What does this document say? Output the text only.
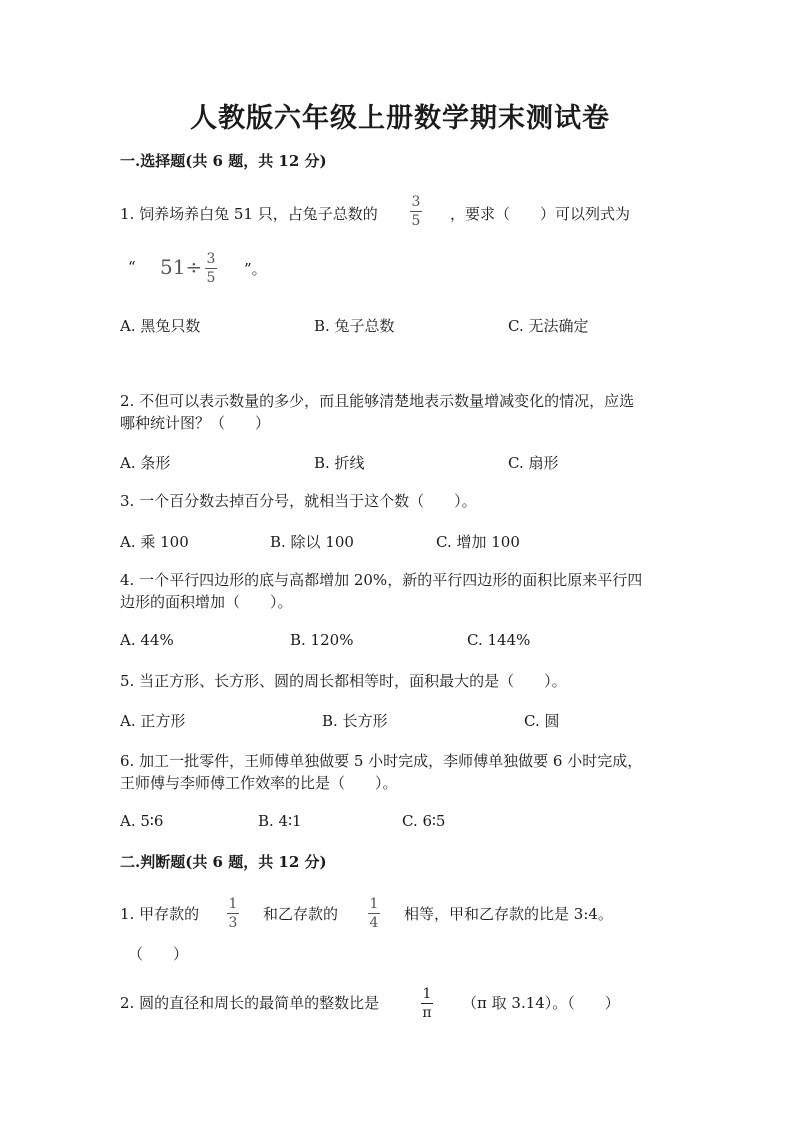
人教版六年级上册数学期末测试卷
一.选择题(共 6 题，共 12 分)
1. 饲养场养白兔 51 只，占兔子总数的
3
5 ，要求（　　）可以列式为
“ 51÷ 3
5 ”。
A. 黑兔只数	B. 兔子总数	C. 无法确定
2. 不但可以表示数量的多少，而且能够清楚地表示数量增减变化的情况，应选
哪种统计图？（　　）
A. 条形	B. 折线	C. 扇形
3. 一个百分数去掉百分号，就相当于这个数（　　）。
A. 乘 100	B. 除以 100	C. 增加 100
4. 一个平行四边形的底与高都增加 20%，新的平行四边形的面积比原来平行四
边形的面积增加（　　）。
A. 44%	B. 120%	C. 144%
5. 当正方形、长方形、圆的周长都相等时，面积最大的是（　　）。
A. 正方形	B. 长方形	C. 圆
6. 加工一批零件，王师傅单独做要 5 小时完成，李师傅单独做要 6 小时完成，
王师傅与李师傅工作效率的比是（　　）。
A. 5∶6	B. 4∶1	C. 6∶5
二.判断题(共 6 题，共 12 分)
1. 甲存款的
1
3 和乙存款的
1
4 相等，甲和乙存款的比是 3:4。
（　　）
2. 圆的直径和周长的最简单的整数比是	1
π
（π 取 3.14）。（　　）
